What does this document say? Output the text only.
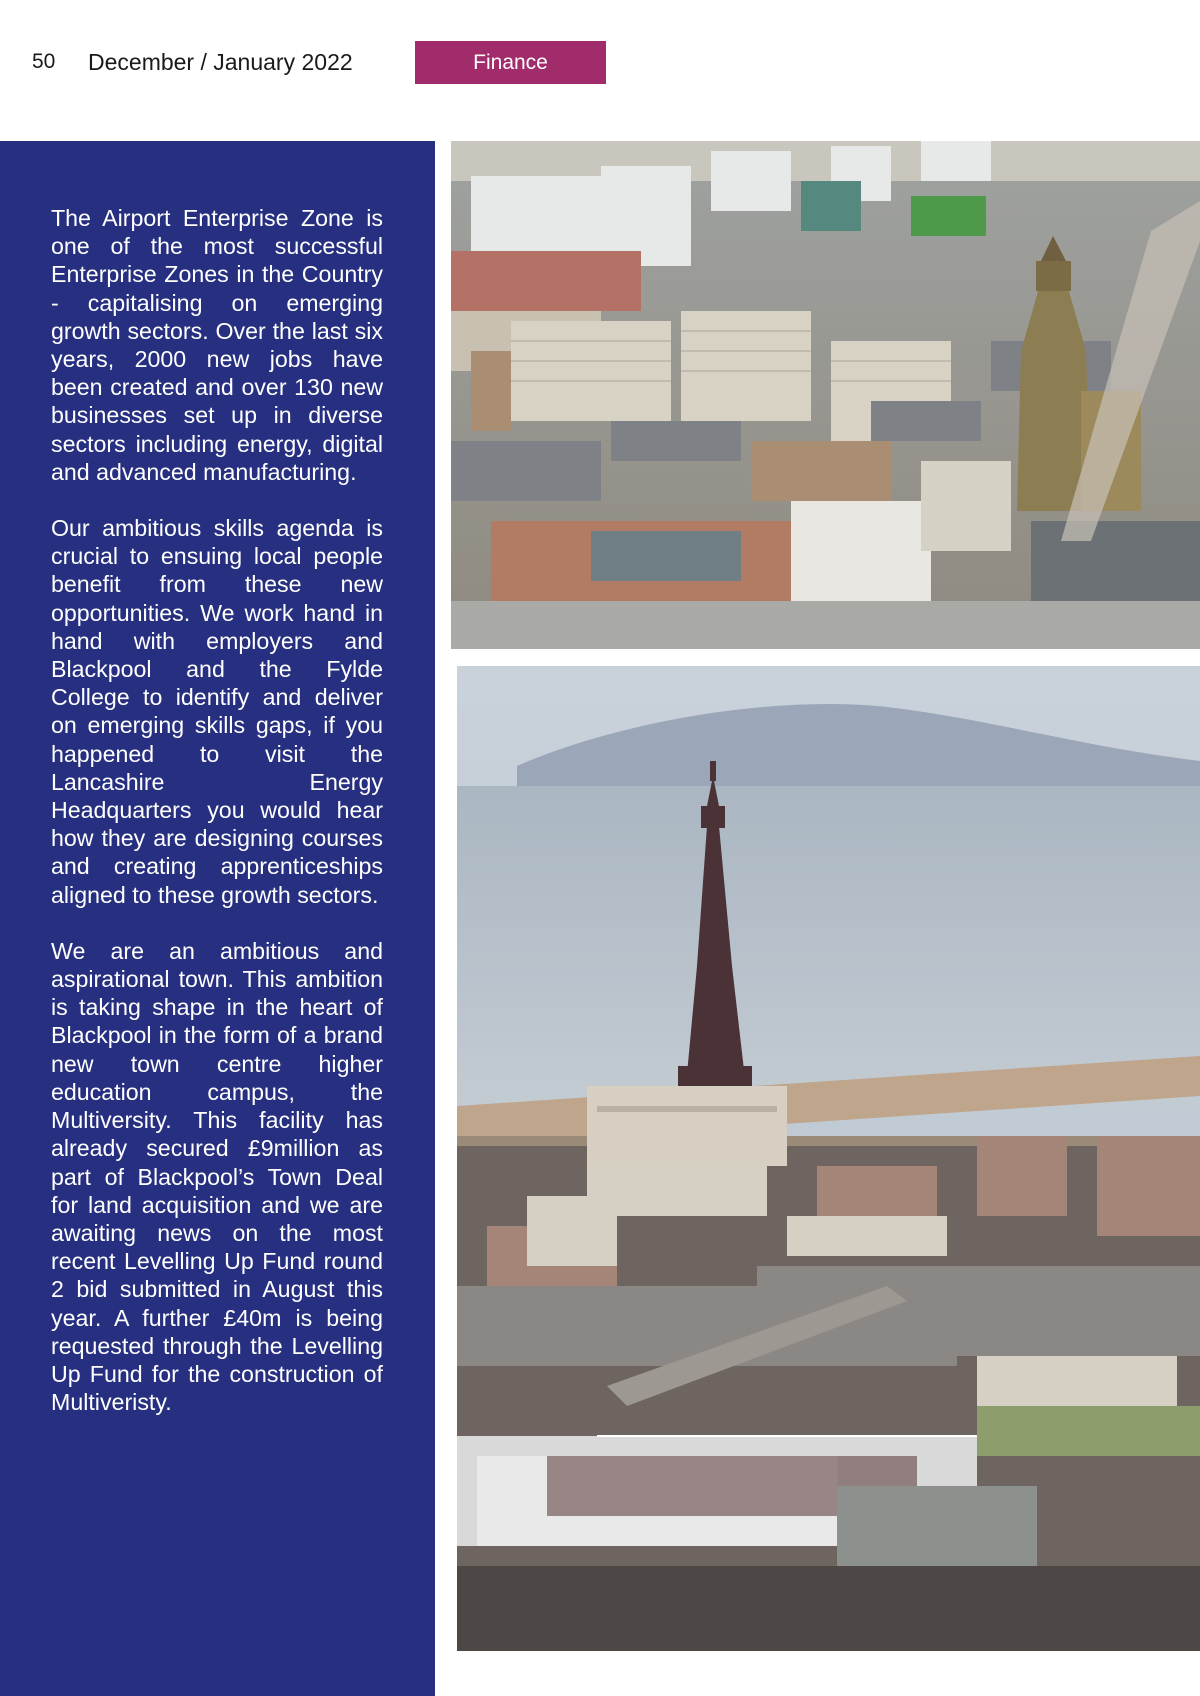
50 December / January 2022	Finance

The Airport Enterprise Zone is one of the most successful Enterprise Zones in the Country - capitalising on emerging growth sectors. Over the last six years, 2000 new jobs have been created and over 130 new businesses set up in diverse sectors including energy, digital and advanced manufacturing.

Our ambitious skills agenda is crucial to ensuing local people benefit from these new opportunities. We work hand in hand with employers and Blackpool and the Fylde College to identify and deliver on emerging skills gaps, if you happened to visit the Lancashire Energy Headquarters you would hear how they are designing courses and creating apprenticeships aligned to these growth sectors.

We are an ambitious and aspirational town. This ambition is taking shape in the heart of Blackpool in the form of a brand new town centre higher education campus, the Multiversity. This facility has already secured £9million as part of Blackpool’s Town Deal for land acquisition and we are awaiting news on the most recent Levelling Up Fund round 2 bid submitted in August this year. A further £40m is being requested through the Levelling Up Fund for the construction of Multiveristy.
